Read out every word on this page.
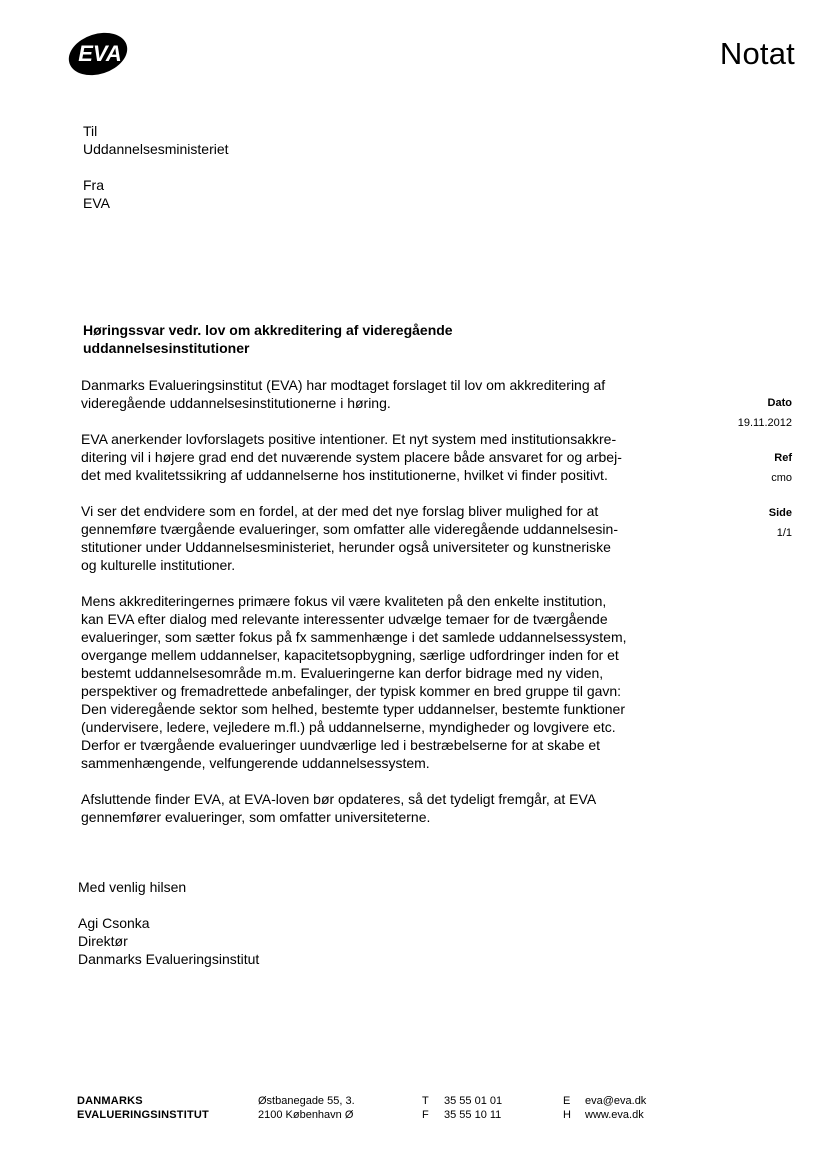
EVA	Notat
Til
Uddannelsesministeriet
Fra
EVA
Høringssvar vedr. lov om akkreditering af videregående uddannelsesinstitutioner

Danmarks Evalueringsinstitut (EVA) har modtaget forslaget til lov om akkreditering af
videregående uddannelsesinstitutionerne i høring.

EVA anerkender lovforslagets positive intentioner. Et nyt system med institutionsakkre-
ditering vil i højere grad end det nuværende system placere både ansvaret for og arbej-
det med kvalitetssikring af uddannelserne hos institutionerne, hvilket vi finder positivt.

Vi ser det endvidere som en fordel, at der med det nye forslag bliver mulighed for at
gennemføre tværgående evalueringer, som omfatter alle videregående uddannelsesin-
stitutioner under Uddannelsesministeriet, herunder også universiteter og kunstneriske
og kulturelle institutioner.

Mens akkrediteringernes primære fokus vil være kvaliteten på den enkelte institution,
kan EVA efter dialog med relevante interessenter udvælge temaer for de tværgående
evalueringer, som sætter fokus på fx sammenhænge i det samlede uddannelsessystem,
overgange mellem uddannelser, kapacitetsopbygning, særlige udfordringer inden for et
bestemt uddannelsesområde m.m. Evalueringerne kan derfor bidrage med ny viden,
perspektiver og fremadrettede anbefalinger, der typisk kommer en bred gruppe til gavn:
Den videregående sektor som helhed, bestemte typer uddannelser, bestemte funktioner
(undervisere, ledere, vejledere m.fl.) på uddannelserne, myndigheder og lovgivere etc.
Derfor er tværgående evalueringer uundværlige led i bestræbelserne for at skabe et
sammenhængende, velfungerende uddannelsessystem.

Afsluttende finder EVA, at EVA-loven bør opdateres, så det tydeligt fremgår, at EVA
gennemfører evalueringer, som omfatter universiteterne.

Dato
19.11.2012
Ref
cmo
Side
1/1
Med venlig hilsen
Agi Csonka
Direktør
Danmarks Evalueringsinstitut
DANMARKS
EVALUERINGSINSTITUT
Østbanegade 55, 3.
2100 København Ø
T 35 55 01 01
F 35 55 10 11
E eva@eva.dk
H www.eva.dk
